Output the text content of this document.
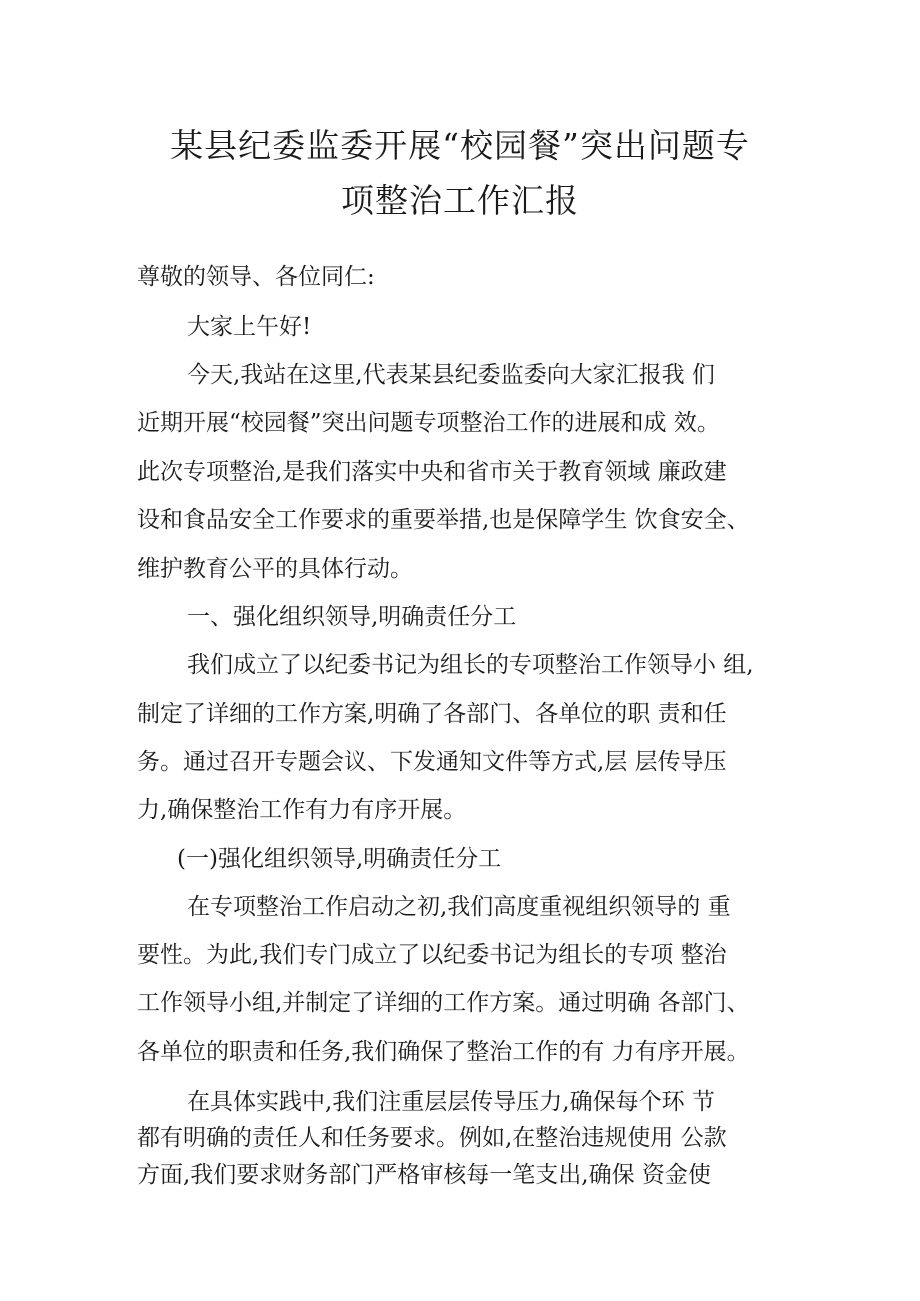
某县纪委监委开展“校园餐”突出问题专
项整治工作汇报

尊敬的领导、各位同仁:

大家上午好!

今天,我站在这里,代表某县纪委监委向大家汇报我 们

近期开展“校园餐”突出问题专项整治工作的进展和成 效。

此次专项整治,是我们落实中央和省市关于教育领域 廉政建

设和食品安全工作要求的重要举措,也是保障学生 饮食安全、

维护教育公平的具体行动。

一、强化组织领导,明确责任分工

我们成立了以纪委书记为组长的专项整治工作领导小 组,

制定了详细的工作方案,明确了各部门、各单位的职 责和任

务。通过召开专题会议、下发通知文件等方式,层 层传导压

力,确保整治工作有力有序开展。

(一)强化组织领导,明确责任分工

在专项整治工作启动之初,我们高度重视组织领导的 重

要性。为此,我们专门成立了以纪委书记为组长的专项 整治

工作领导小组,并制定了详细的工作方案。通过明确 各部门、

各单位的职责和任务,我们确保了整治工作的有 力有序开展。

在具体实践中,我们注重层层传导压力,确保每个环 节

都有明确的责任人和任务要求。例如,在整治违规使用 公款

方面,我们要求财务部门严格审核每一笔支出,确保 资金使
